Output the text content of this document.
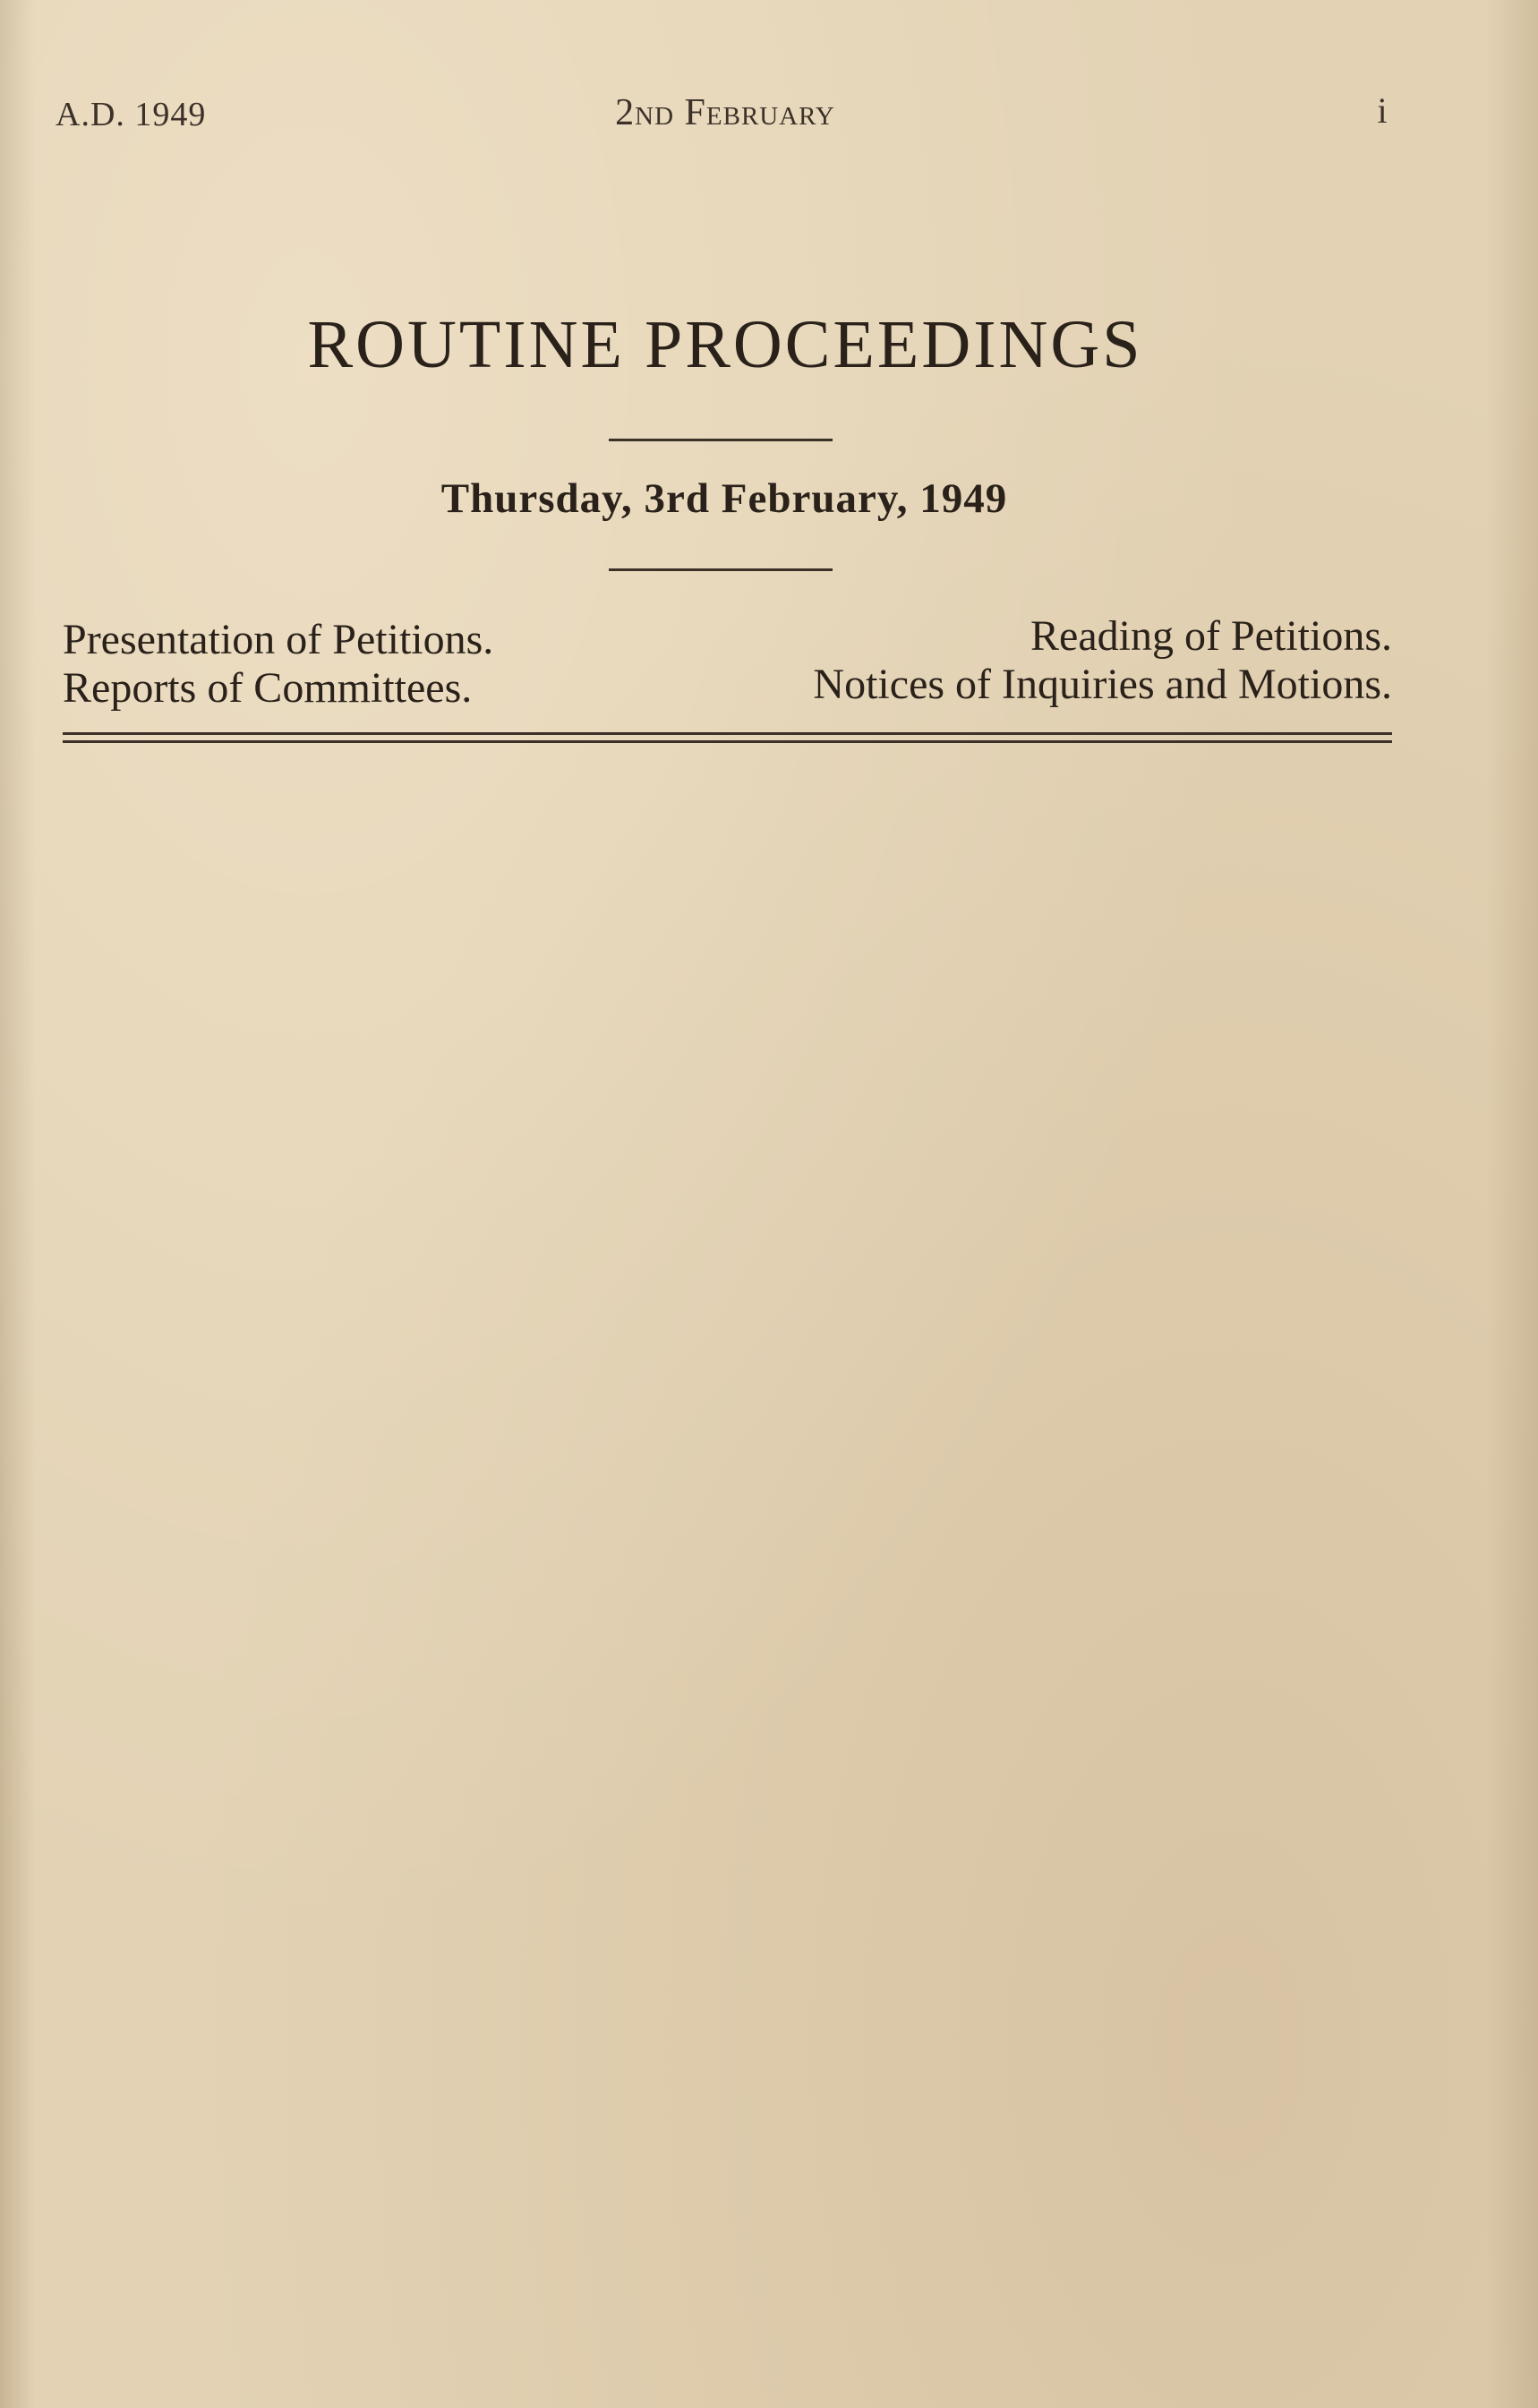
A.D. 1949	2nd February	i
ROUTINE PROCEEDINGS
Thursday, 3rd February, 1949
Presentation of Petitions.
Reports of Committees.
Reading of Petitions.
Notices of Inquiries and Motions.
